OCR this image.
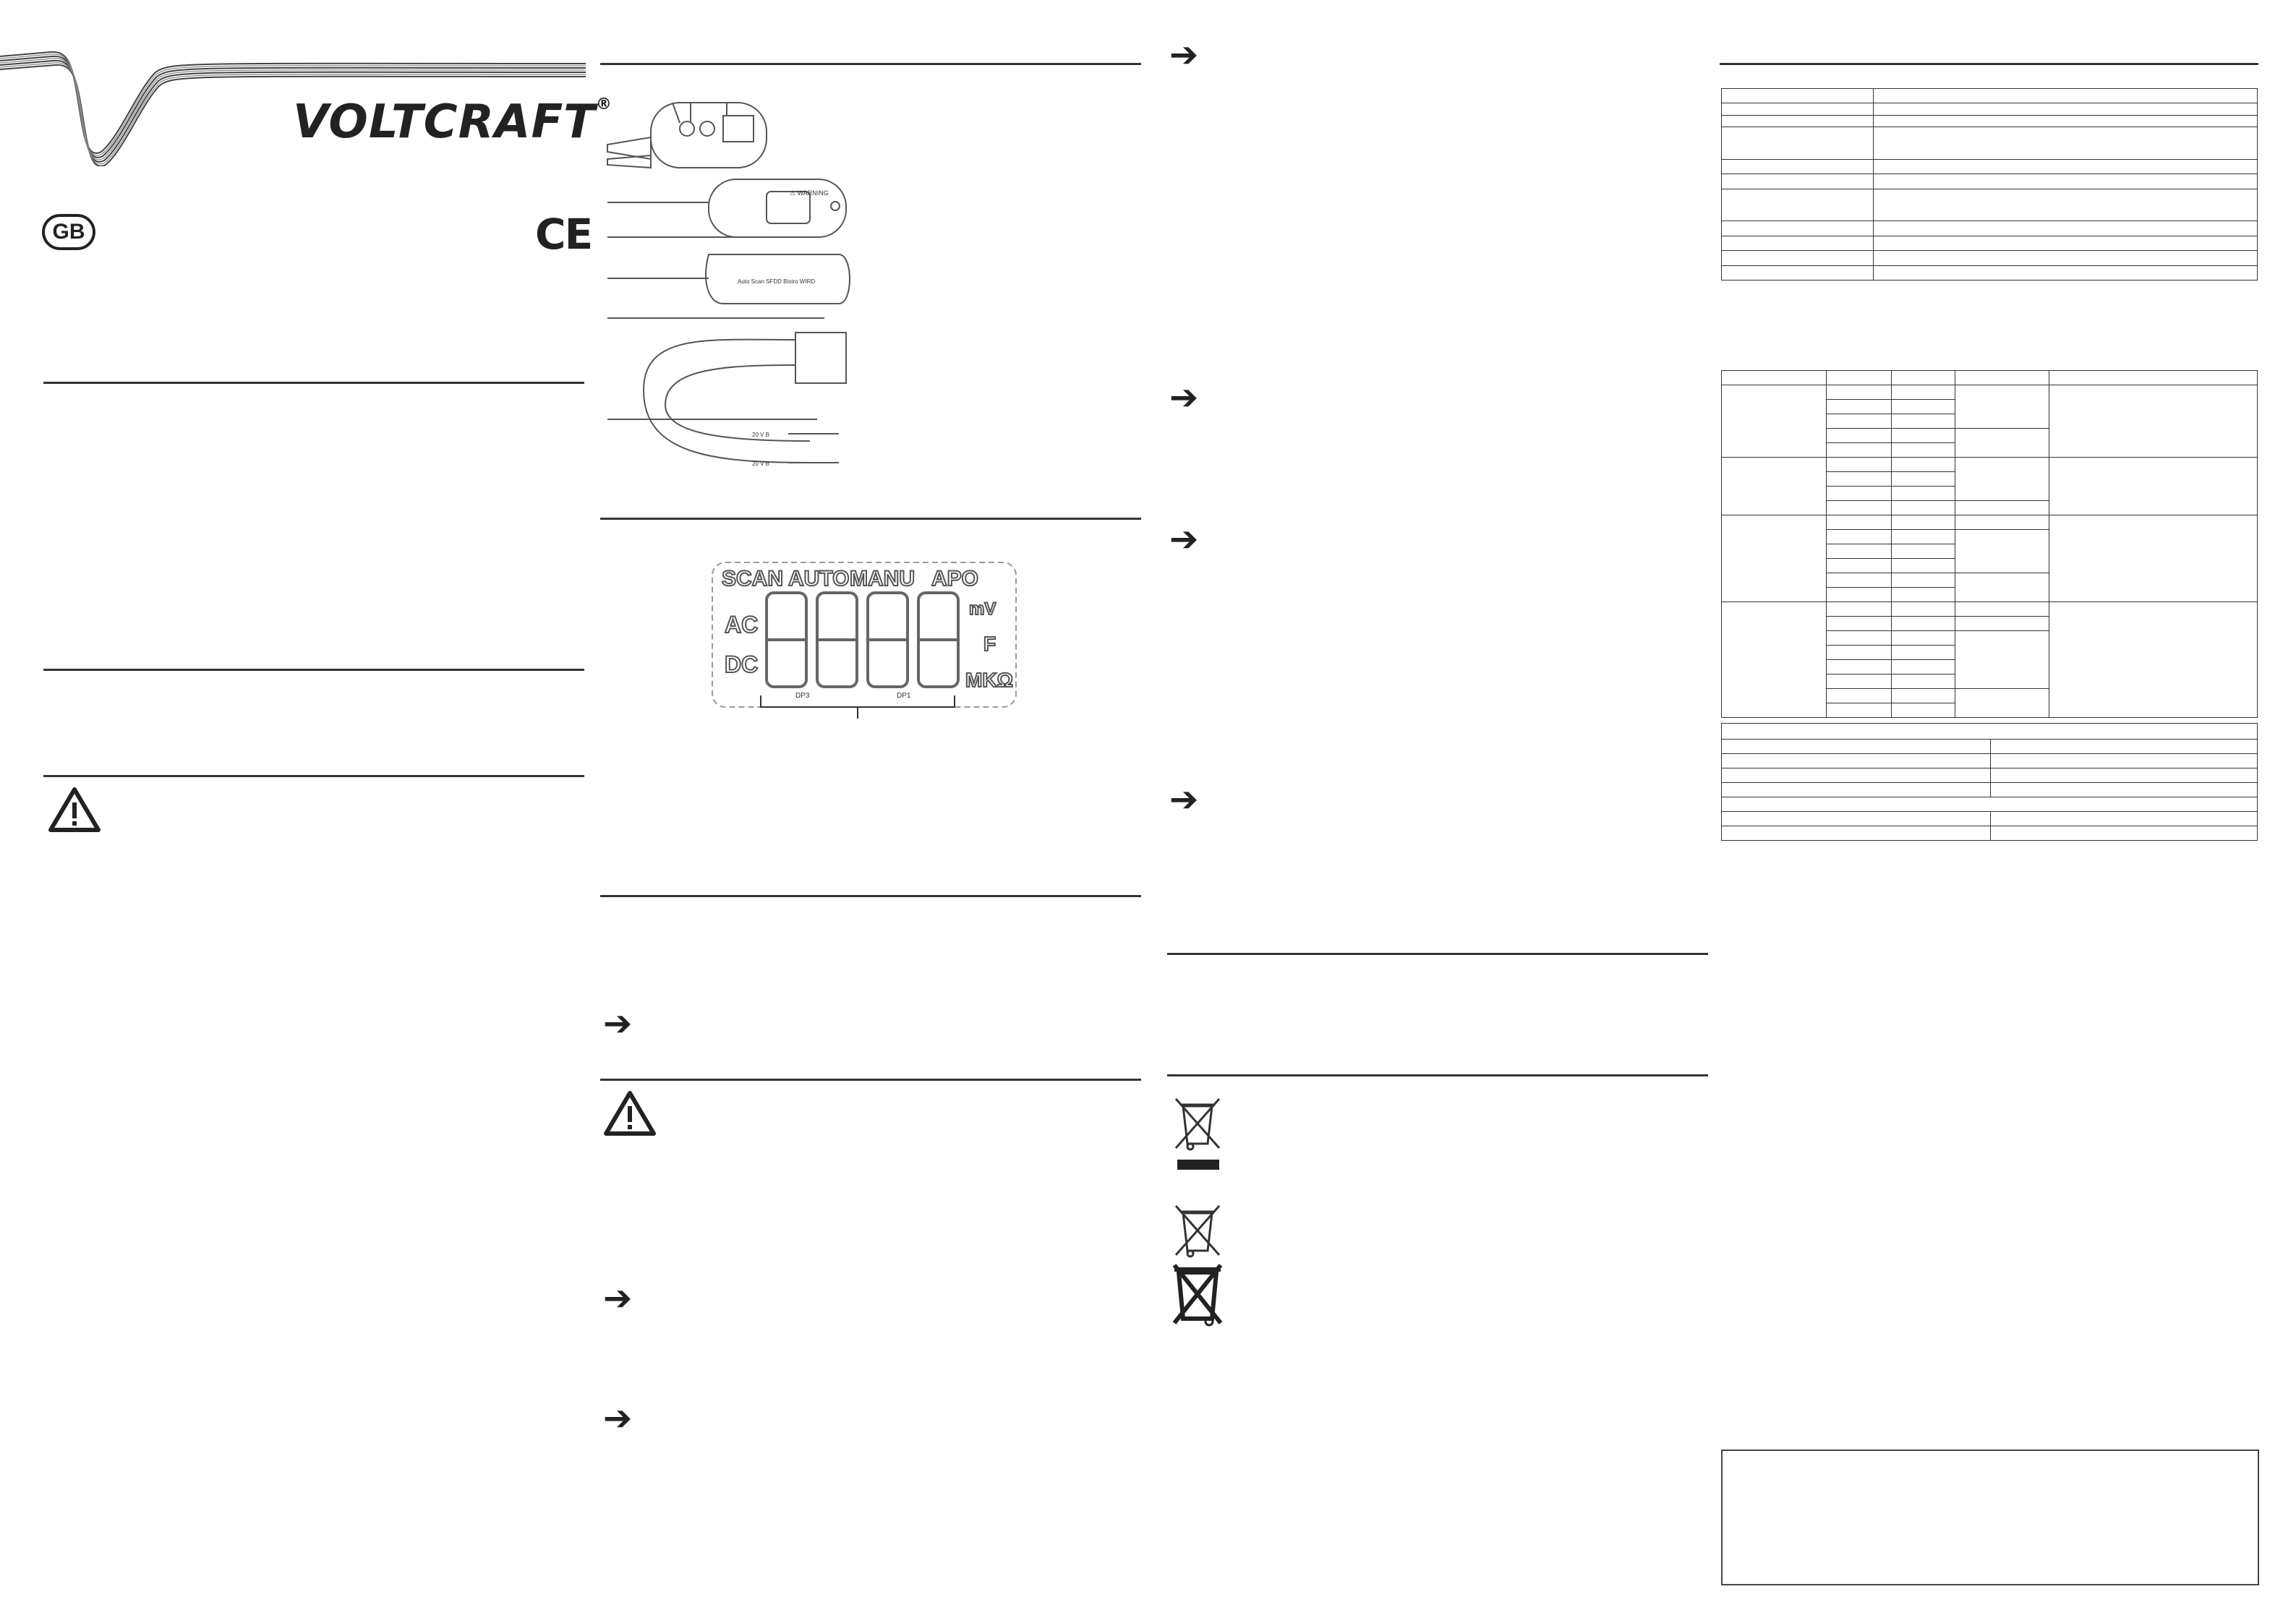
VOLTCRAFT®
GB	CE
⚠ WARNING
Auto Scan SFDD Bistro WIRD
20 V B
20 V B
SCAN AUTO MANU APO
AC
DC
mV
F
MKΩ
DP3	DP1
➔
➔
➔
➔
➔
➔
➔
